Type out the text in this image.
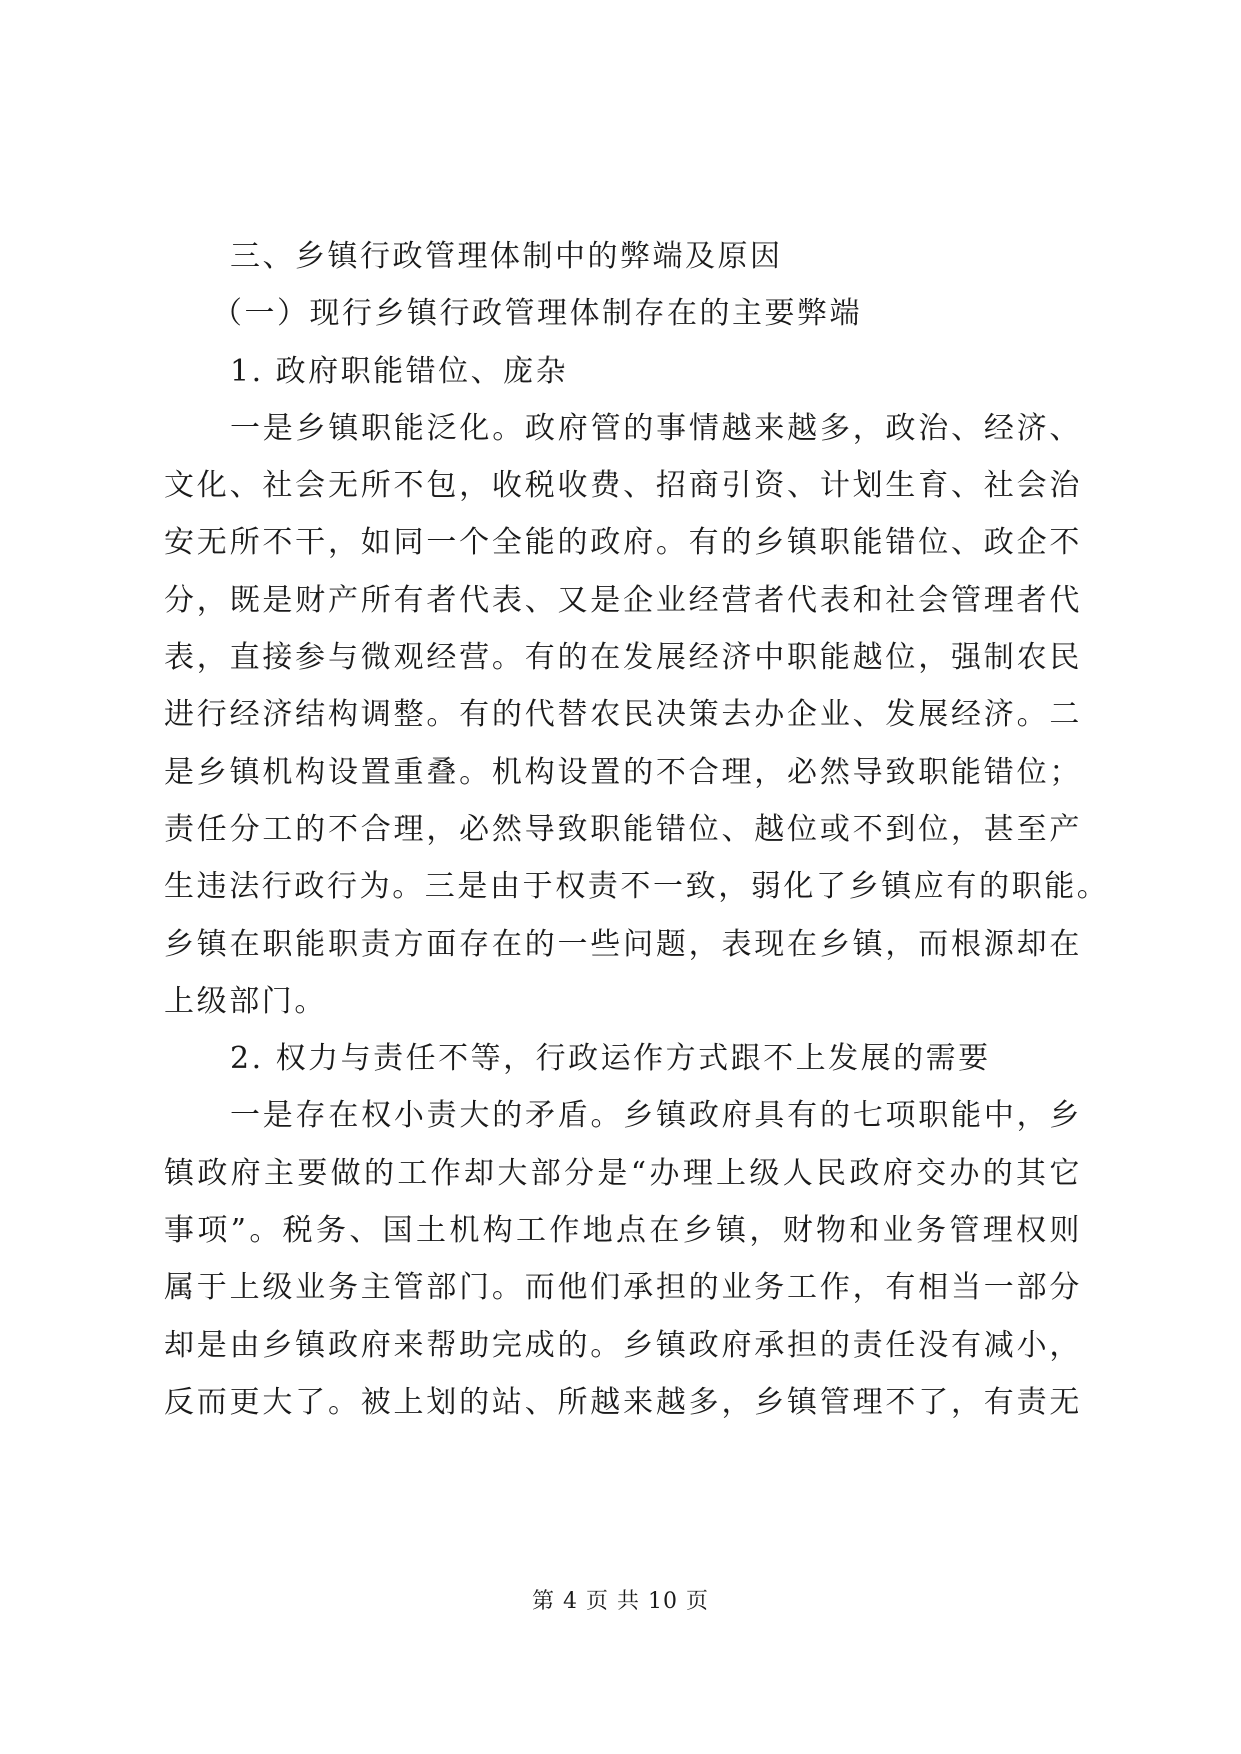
三、乡镇行政管理体制中的弊端及原因
（一）现行乡镇行政管理体制存在的主要弊端
1. 政府职能错位、庞杂
一是乡镇职能泛化。政府管的事情越来越多，政治、经济、
文化、社会无所不包，收税收费、招商引资、计划生育、社会治
安无所不干，如同一个全能的政府。有的乡镇职能错位、政企不
分，既是财产所有者代表、又是企业经营者代表和社会管理者代
表，直接参与微观经营。有的在发展经济中职能越位，强制农民
进行经济结构调整。有的代替农民决策去办企业、发展经济。二
是乡镇机构设置重叠。机构设置的不合理，必然导致职能错位；
责任分工的不合理，必然导致职能错位、越位或不到位，甚至产
生违法行政行为。三是由于权责不一致，弱化了乡镇应有的职能。
乡镇在职能职责方面存在的一些问题，表现在乡镇，而根源却在
上级部门。
2. 权力与责任不等，行政运作方式跟不上发展的需要
一是存在权小责大的矛盾。乡镇政府具有的七项职能中，乡
镇政府主要做的工作却大部分是“办理上级人民政府交办的其它
事项”。税务、国土机构工作地点在乡镇，财物和业务管理权则
属于上级业务主管部门。而他们承担的业务工作，有相当一部分
却是由乡镇政府来帮助完成的。乡镇政府承担的责任没有减小，
反而更大了。被上划的站、所越来越多，乡镇管理不了，有责无
第 4 页 共 10 页
